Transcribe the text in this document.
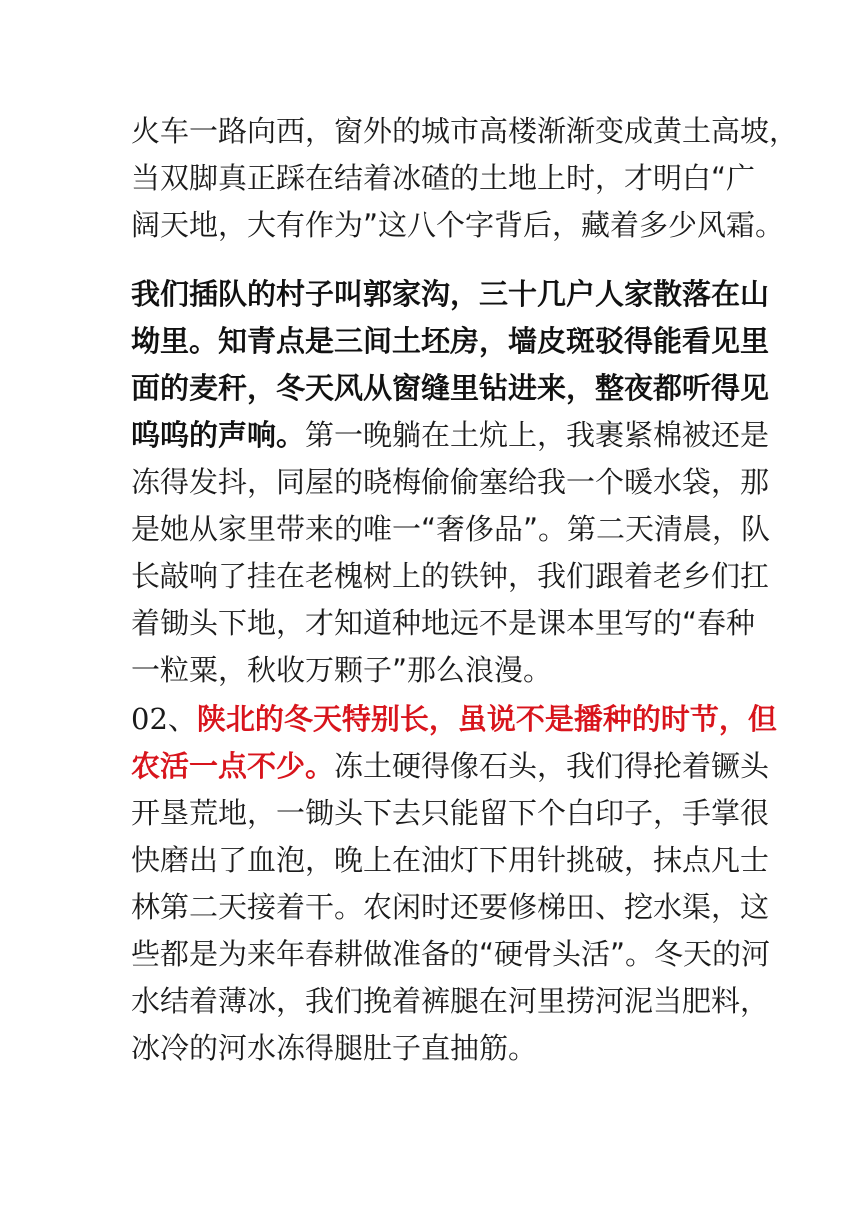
火车一路向西，窗外的城市高楼渐渐变成黄土高坡，
当双脚真正踩在结着冰碴的土地上时，才明白“广
阔天地，大有作为”这八个字背后，藏着多少风霜。
我们插队的村子叫郭家沟，三十几户人家散落在山
坳里。知青点是三间土坯房，墙皮斑驳得能看见里
面的麦秆，冬天风从窗缝里钻进来，整夜都听得见
呜呜的声响。第一晚躺在土炕上，我裹紧棉被还是
冻得发抖，同屋的晓梅偷偷塞给我一个暖水袋，那
是她从家里带来的唯一“奢侈品”。第二天清晨，队
长敲响了挂在老槐树上的铁钟，我们跟着老乡们扛
着锄头下地，才知道种地远不是课本里写的“春种
一粒粟，秋收万颗子”那么浪漫。
02、陕北的冬天特别长，虽说不是播种的时节，但
农活一点不少。冻土硬得像石头，我们得抡着镢头
开垦荒地，一锄头下去只能留下个白印子，手掌很
快磨出了血泡，晚上在油灯下用针挑破，抹点凡士
林第二天接着干。农闲时还要修梯田、挖水渠，这
些都是为来年春耕做准备的“硬骨头活”。冬天的河
水结着薄冰，我们挽着裤腿在河里捞河泥当肥料，
冰冷的河水冻得腿肚子直抽筋。
